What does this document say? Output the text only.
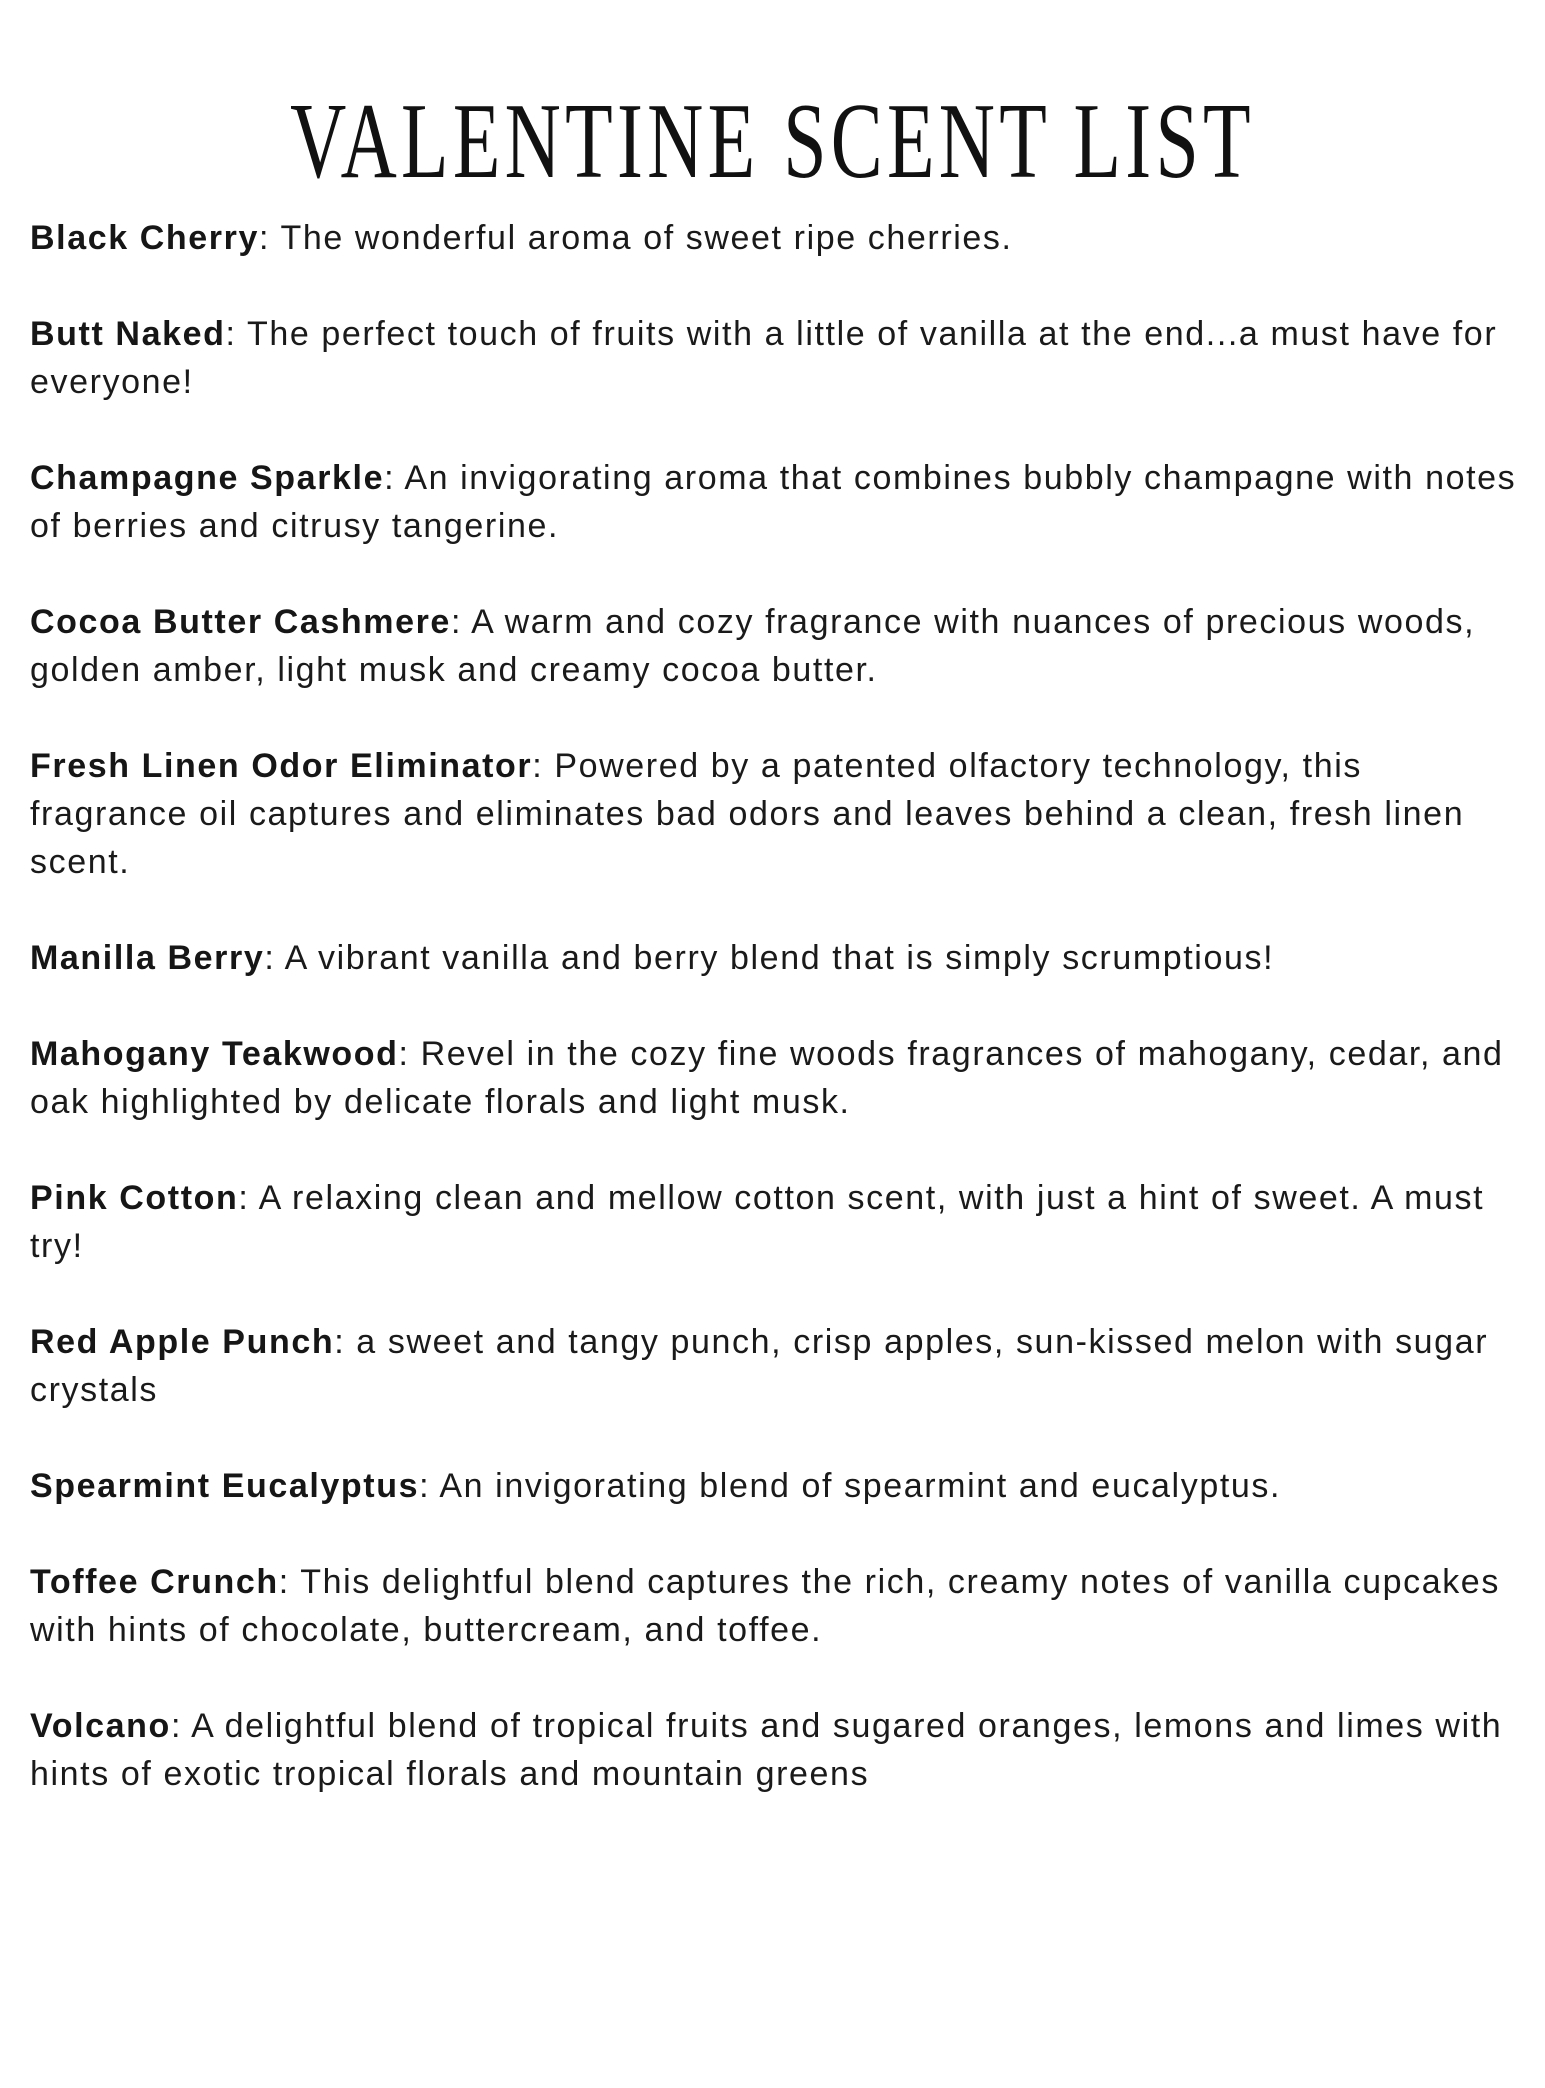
VALENTINE SCENT LIST

Black Cherry: The wonderful aroma of sweet ripe cherries.

Butt Naked: The perfect touch of fruits with a little of vanilla at the end...a must have for everyone!

Champagne Sparkle: An invigorating aroma that combines bubbly champagne with notes of berries and citrusy tangerine.

Cocoa Butter Cashmere: A warm and cozy fragrance with nuances of precious woods, golden amber, light musk and creamy cocoa butter.

Fresh Linen Odor Eliminator: Powered by a patented olfactory technology, this fragrance oil captures and eliminates bad odors and leaves behind a clean, fresh linen scent.

Manilla Berry: A vibrant vanilla and berry blend that is simply scrumptious!

Mahogany Teakwood: Revel in the cozy fine woods fragrances of mahogany, cedar, and oak highlighted by delicate florals and light musk.

Pink Cotton: A relaxing clean and mellow cotton scent, with just a hint of sweet. A must try!

Red Apple Punch: a sweet and tangy punch, crisp apples, sun-kissed melon with sugar crystals

Spearmint Eucalyptus: An invigorating blend of spearmint and eucalyptus.

Toffee Crunch: This delightful blend captures the rich, creamy notes of vanilla cupcakes with hints of chocolate, buttercream, and toffee.

Volcano: A delightful blend of tropical fruits and sugared oranges, lemons and limes with hints of exotic tropical florals and mountain greens
